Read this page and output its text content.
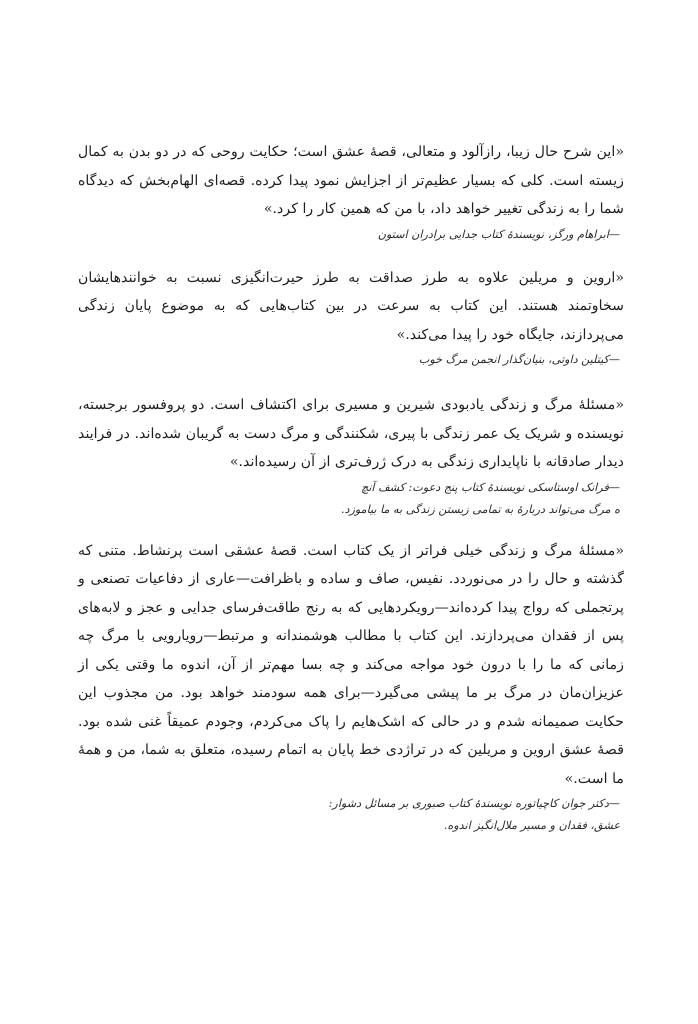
«این شرح حال زیبا، رازآلود و متعالی، قصهٔ عشق است؛ حکایت روحی که در دو بدن به کمال زیسته است. کلی که بسیار عظیم‌تر از اجزایش نمود پیدا کرده. قصه‌ای الهام‌بخش که دیدگاه شما را به زندگی تغییر خواهد داد، با من که همین کار را کرد.»

—ابراهام ورگز، نویسندهٔ کتاب جدایی برادران استون

«اروین و مریلین علاوه به طرز صداقت به طرز حیرت‌انگیزی نسبت به خوانندهایشان سخاوتمند هستند. این کتاب به سرعت در بین کتاب‌هایی که به موضوع پایان زندگی می‌پردازند، جایگاه خود را پیدا می‌کند.»

—کیتلین داوتی، بنیان‌گذار انجمن مرگ خوب

«مسئلهٔ مرگ و زندگی یادبودی شیرین و مسیری برای اکتشاف است. دو پروفسور برجسته، نویسنده و شریک یک عمر زندگی با پیری، شکنندگی و مرگ دست به گریبان شده‌اند. در فرایند دیدار صادقانه با ناپایداری زندگی به درک ژرف‌تری از آن رسیده‌اند.»

—فرانک اوستاسکی نویسندهٔ کتاب پنج دعوت: کشف آنچ

ه مرگ می‌تواند دربارهٔ به تمامی زیستن زندگی به ما بیاموزد.

«مسئلهٔ مرگ و زندگی خیلی فراتر از یک کتاب است. قصهٔ عشقی است پرنشاط. متنی که گذشته و حال را در می‌نوردد. نفیس، صاف و ساده و باظرافت—عاری از دفاعیات تصنعی و پرتجملی که رواج پیدا کرده‌اند—رویکردهایی که به رنج طاقت‌فرسای جدایی و عجز و لابه‌های پس از فقدان می‌پردازند. این کتاب با مطالب هوشمندانه و مرتبط—رویارویی با مرگ چه زمانی که ما را با درون خود مواجه می‌کند و چه بسا مهم‌تر از آن، اندوه ما وقتی یکی از عزیزان‌مان در مرگ بر ما پیشی می‌گیرد—برای همه سودمند خواهد بود. من مجذوب این حکایت صمیمانه شدم و در حالی که اشک‌هایم را پاک می‌کردم، وجودم عمیقاً غنی شده بود. قصهٔ عشق اروین و مریلین که در تراژدی خط پایان به اتمام رسیده، متعلق به شما، من و همهٔ ما است.»

—دکتر جوان کاچیاتوره نویسندهٔ کتاب صبوری بر مسائل دشوار:

عشق، فقدان و مسیر ملال‌انگیز اندوه.
